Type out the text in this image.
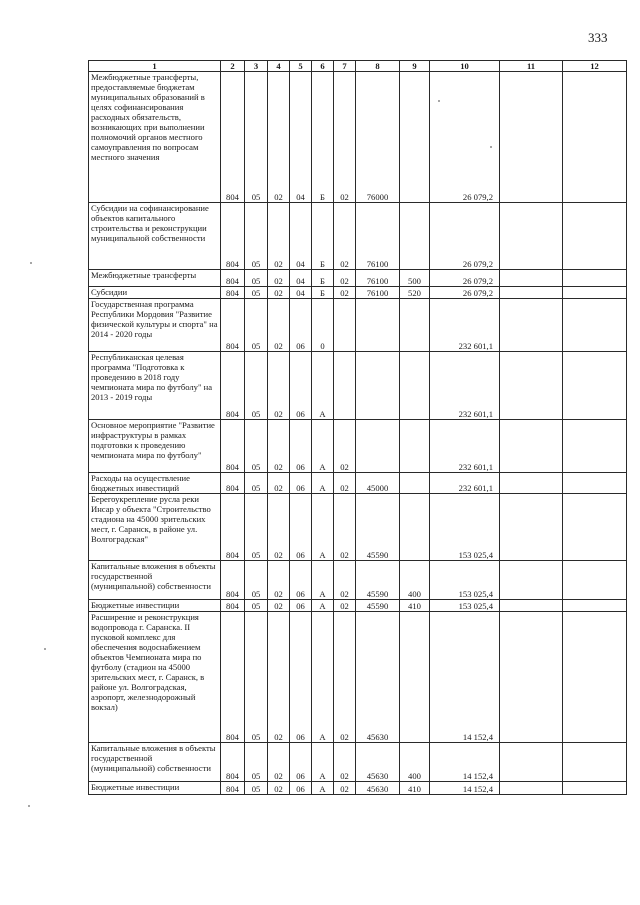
333
1	2	3	4	5	6	7	8	9	10	11	12
Межбюджетные трансферты, предоставляемые бюджетам муниципальных образований в целях софинансирования расходных обязательств, возникающих при выполнении полномочий органов местного самоуправления по вопросам местного значения	804	05	02	04	Б	02	76000		26 079,2		
Субсидии на софинансирование объектов капитального строительства и реконструкции муниципальной собственности	804	05	02	04	Б	02	76100		26 079,2		
Межбюджетные трансферты	804	05	02	04	Б	02	76100	500	26 079,2		
Субсидии	804	05	02	04	Б	02	76100	520	26 079,2		
Государственная программа Республики Мордовия "Развитие физической культуры и спорта" на 2014 - 2020 годы	804	05	02	06	0				232 601,1		
Республиканская целевая программа "Подготовка к проведению в 2018 году чемпионата мира по футболу" на 2013 - 2019 годы	804	05	02	06	А				232 601,1		
Основное мероприятие "Развитие инфраструктуры в рамках подготовки к проведению чемпионата мира по футболу"	804	05	02	06	А	02			232 601,1		
Расходы на осуществление бюджетных инвестиций	804	05	02	06	А	02	45000		232 601,1		
Берегоукрепление русла реки Инсар у объекта "Строительство стадиона на 45000 зрительских мест, г. Саранск, в районе ул. Волгоградская"	804	05	02	06	А	02	45590		153 025,4		
Капитальные вложения в объекты государственной (муниципальной) собственности	804	05	02	06	А	02	45590	400	153 025,4		
Бюджетные инвестиции	804	05	02	06	А	02	45590	410	153 025,4		
Расширение и реконструкция водопровода г. Саранска. II пусковой комплекс для обеспечения водоснабжением объектов Чемпионата мира по футболу (стадион на 45000 зрительских мест, г. Саранск, в районе ул. Волгоградская, аэропорт, железнодорожный вокзал)	804	05	02	06	А	02	45630		14 152,4		
Капитальные вложения в объекты государственной (муниципальной) собственности	804	05	02	06	А	02	45630	400	14 152,4		
Бюджетные инвестиции	804	05	02	06	А	02	45630	410	14 152,4		
